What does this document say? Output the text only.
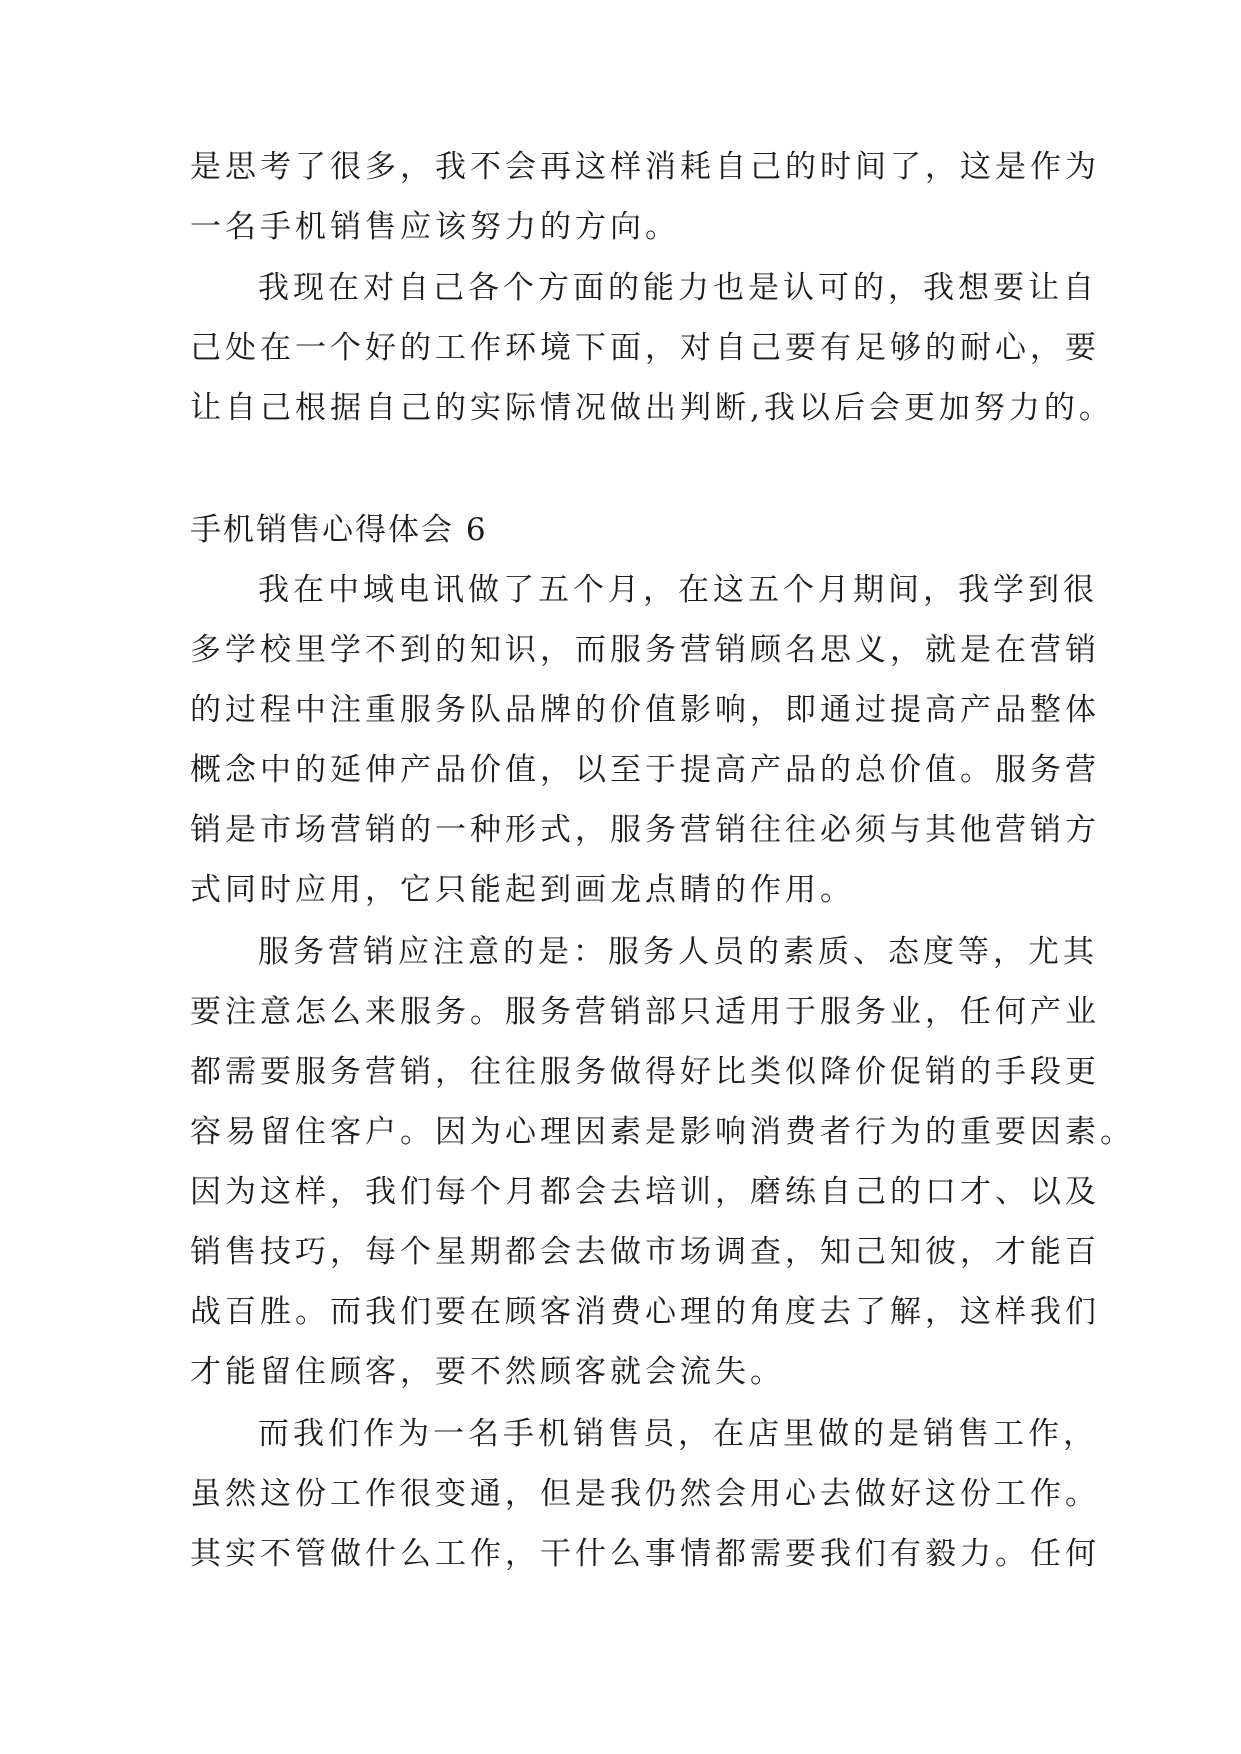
是思考了很多，我不会再这样消耗自己的时间了，这是作为
一名手机销售应该努力的方向。
我现在对自己各个方面的能力也是认可的，我想要让自
己处在一个好的工作环境下面，对自己要有足够的耐心，要
让自己根据自己的实际情况做出判断,我以后会更加努力的。
手机销售心得体会 6
我在中域电讯做了五个月，在这五个月期间，我学到很
多学校里学不到的知识，而服务营销顾名思义，就是在营销
的过程中注重服务队品牌的价值影响，即通过提高产品整体
概念中的延伸产品价值，以至于提高产品的总价值。服务营
销是市场营销的一种形式，服务营销往往必须与其他营销方
式同时应用，它只能起到画龙点睛的作用。
服务营销应注意的是：服务人员的素质、态度等，尤其
要注意怎么来服务。服务营销部只适用于服务业，任何产业
都需要服务营销，往往服务做得好比类似降价促销的手段更
容易留住客户。因为心理因素是影响消费者行为的重要因素。
因为这样，我们每个月都会去培训，磨练自己的口才、以及
销售技巧，每个星期都会去做市场调查，知己知彼，才能百
战百胜。而我们要在顾客消费心理的角度去了解，这样我们
才能留住顾客，要不然顾客就会流失。
而我们作为一名手机销售员，在店里做的是销售工作，
虽然这份工作很变通，但是我仍然会用心去做好这份工作。
其实不管做什么工作，干什么事情都需要我们有毅力。任何
